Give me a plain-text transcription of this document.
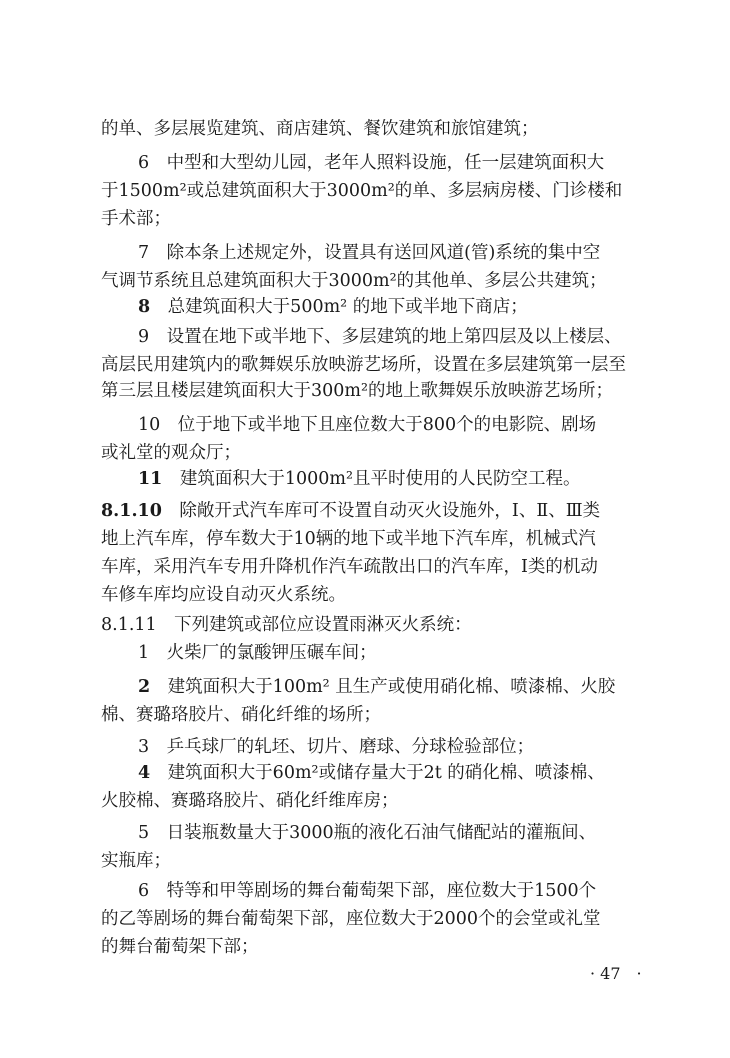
的单、多层展览建筑、商店建筑、餐饮建筑和旅馆建筑；
6　中型和大型幼儿园，老年人照料设施，任一层建筑面积大
于1500m²或总建筑面积大于3000m²的单、多层病房楼、门诊楼和
手术部；
7　除本条上述规定外，设置具有送回风道(管)系统的集中空
气调节系统且总建筑面积大于3000m²的其他单、多层公共建筑；
8　总建筑面积大于500m² 的地下或半地下商店；
9　设置在地下或半地下、多层建筑的地上第四层及以上楼层、
高层民用建筑内的歌舞娱乐放映游艺场所，设置在多层建筑第一层至
第三层且楼层建筑面积大于300m²的地上歌舞娱乐放映游艺场所；
10　位于地下或半地下且座位数大于800个的电影院、剧场
或礼堂的观众厅；
11　建筑面积大于1000m²且平时使用的人民防空工程。
8.1.10　除敞开式汽车库可不设置自动灭火设施外，Ⅰ、Ⅱ、Ⅲ类
地上汽车库，停车数大于10辆的地下或半地下汽车库，机械式汽
车库，采用汽车专用升降机作汽车疏散出口的汽车库，Ⅰ类的机动
车修车库均应设自动灭火系统。
8.1.11　下列建筑或部位应设置雨淋灭火系统：
1　火柴厂的氯酸钾压碾车间；
2　建筑面积大于100m² 且生产或使用硝化棉、喷漆棉、火胶
棉、赛璐珞胶片、硝化纤维的场所；
3　乒乓球厂的轧坯、切片、磨球、分球检验部位；
4　建筑面积大于60m²或储存量大于2t 的硝化棉、喷漆棉、
火胶棉、赛璐珞胶片、硝化纤维库房；
5　日装瓶数量大于3000瓶的液化石油气储配站的灌瓶间、
实瓶库；
6　特等和甲等剧场的舞台葡萄架下部，座位数大于1500个
的乙等剧场的舞台葡萄架下部，座位数大于2000个的会堂或礼堂
的舞台葡萄架下部；
· 47　·
